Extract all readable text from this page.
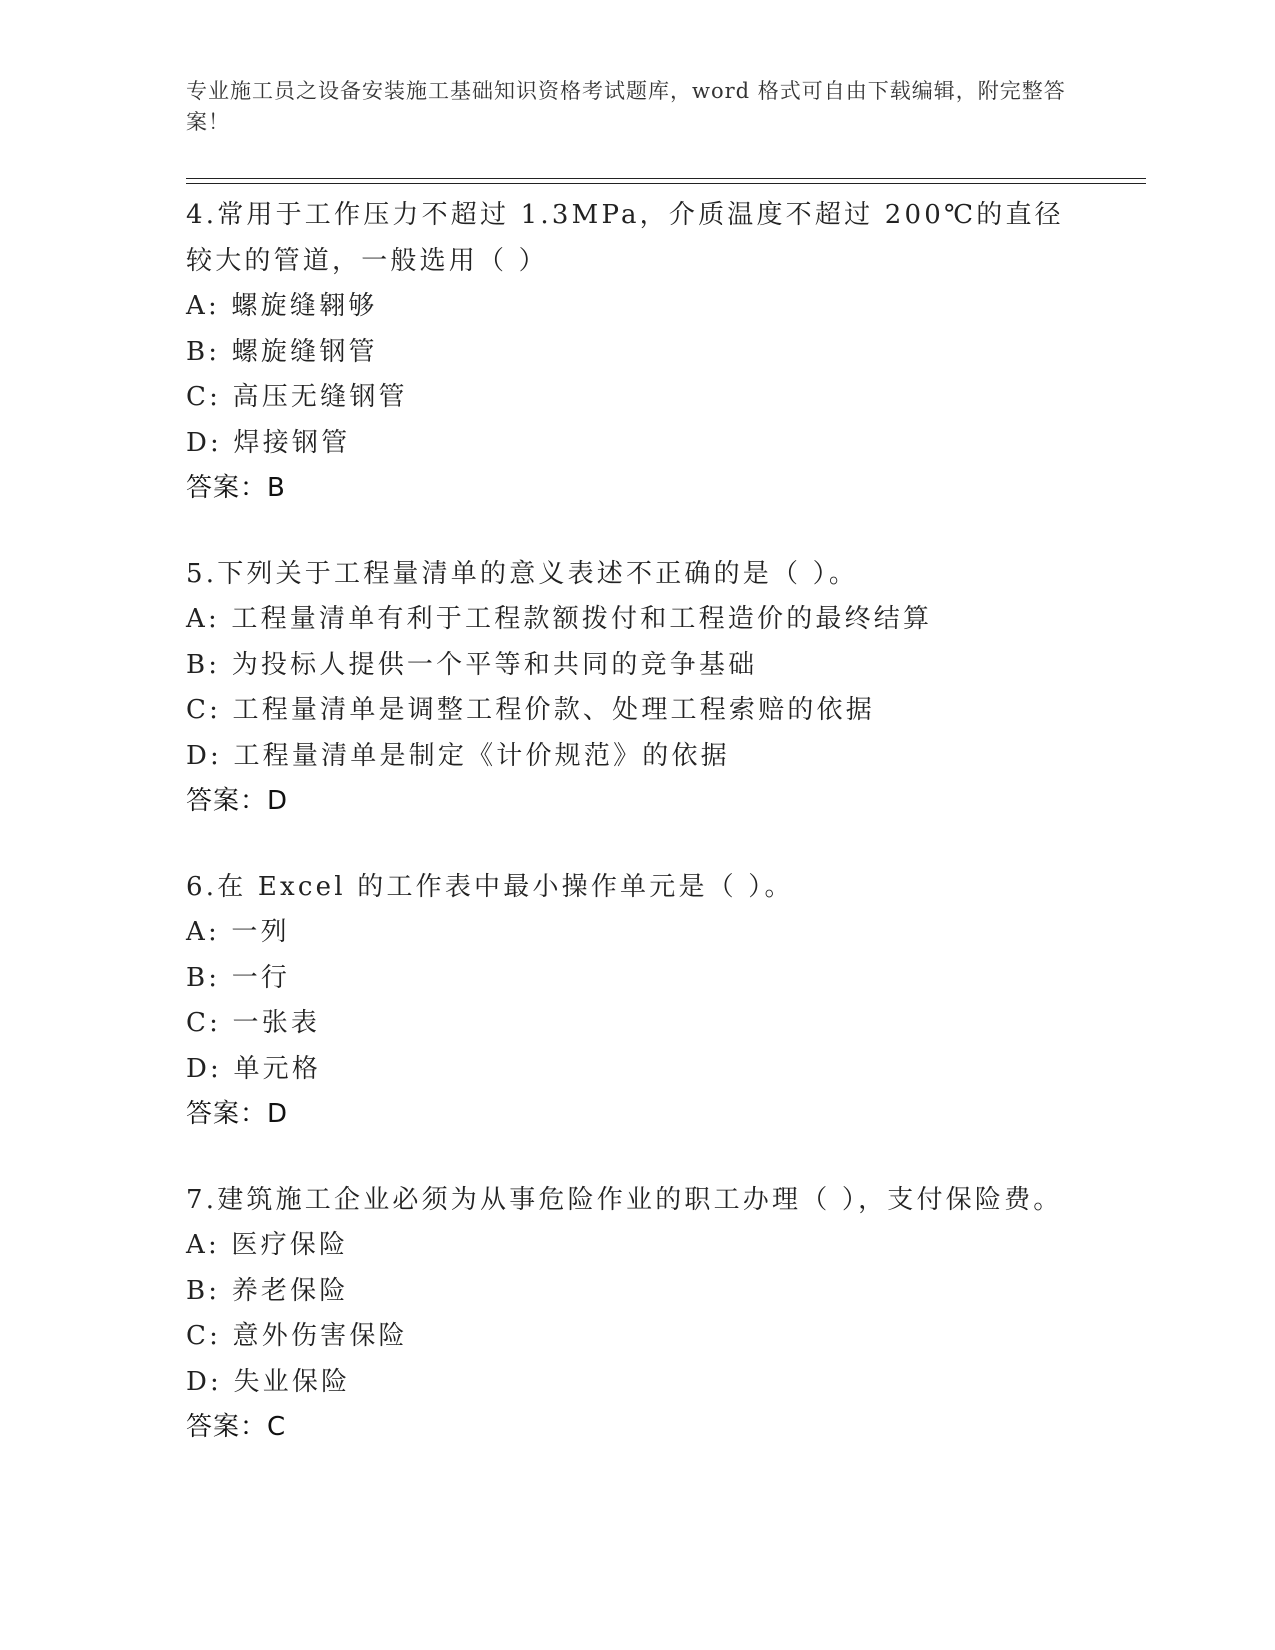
专业施工员之设备安装施工基础知识资格考试题库，word 格式可自由下载编辑，附完整答案！
4.常用于工作压力不超过 1.3MPa，介质温度不超过 200℃的直径较大的管道，一般选用（ ）
A: 螺旋缝翱够
B: 螺旋缝钢管
C: 高压无缝钢管
D: 焊接钢管
答案：B
5.下列关于工程量清单的意义表述不正确的是（ ）。
A: 工程量清单有利于工程款额拨付和工程造价的最终结算
B: 为投标人提供一个平等和共同的竞争基础
C: 工程量清单是调整工程价款、处理工程索赔的依据
D: 工程量清单是制定《计价规范》的依据
答案：D
6.在 Excel 的工作表中最小操作单元是（ ）。
A: 一列
B: 一行
C: 一张表
D: 单元格
答案：D
7.建筑施工企业必须为从事危险作业的职工办理（ ），支付保险费。
A: 医疗保险
B: 养老保险
C: 意外伤害保险
D: 失业保险
答案：C
